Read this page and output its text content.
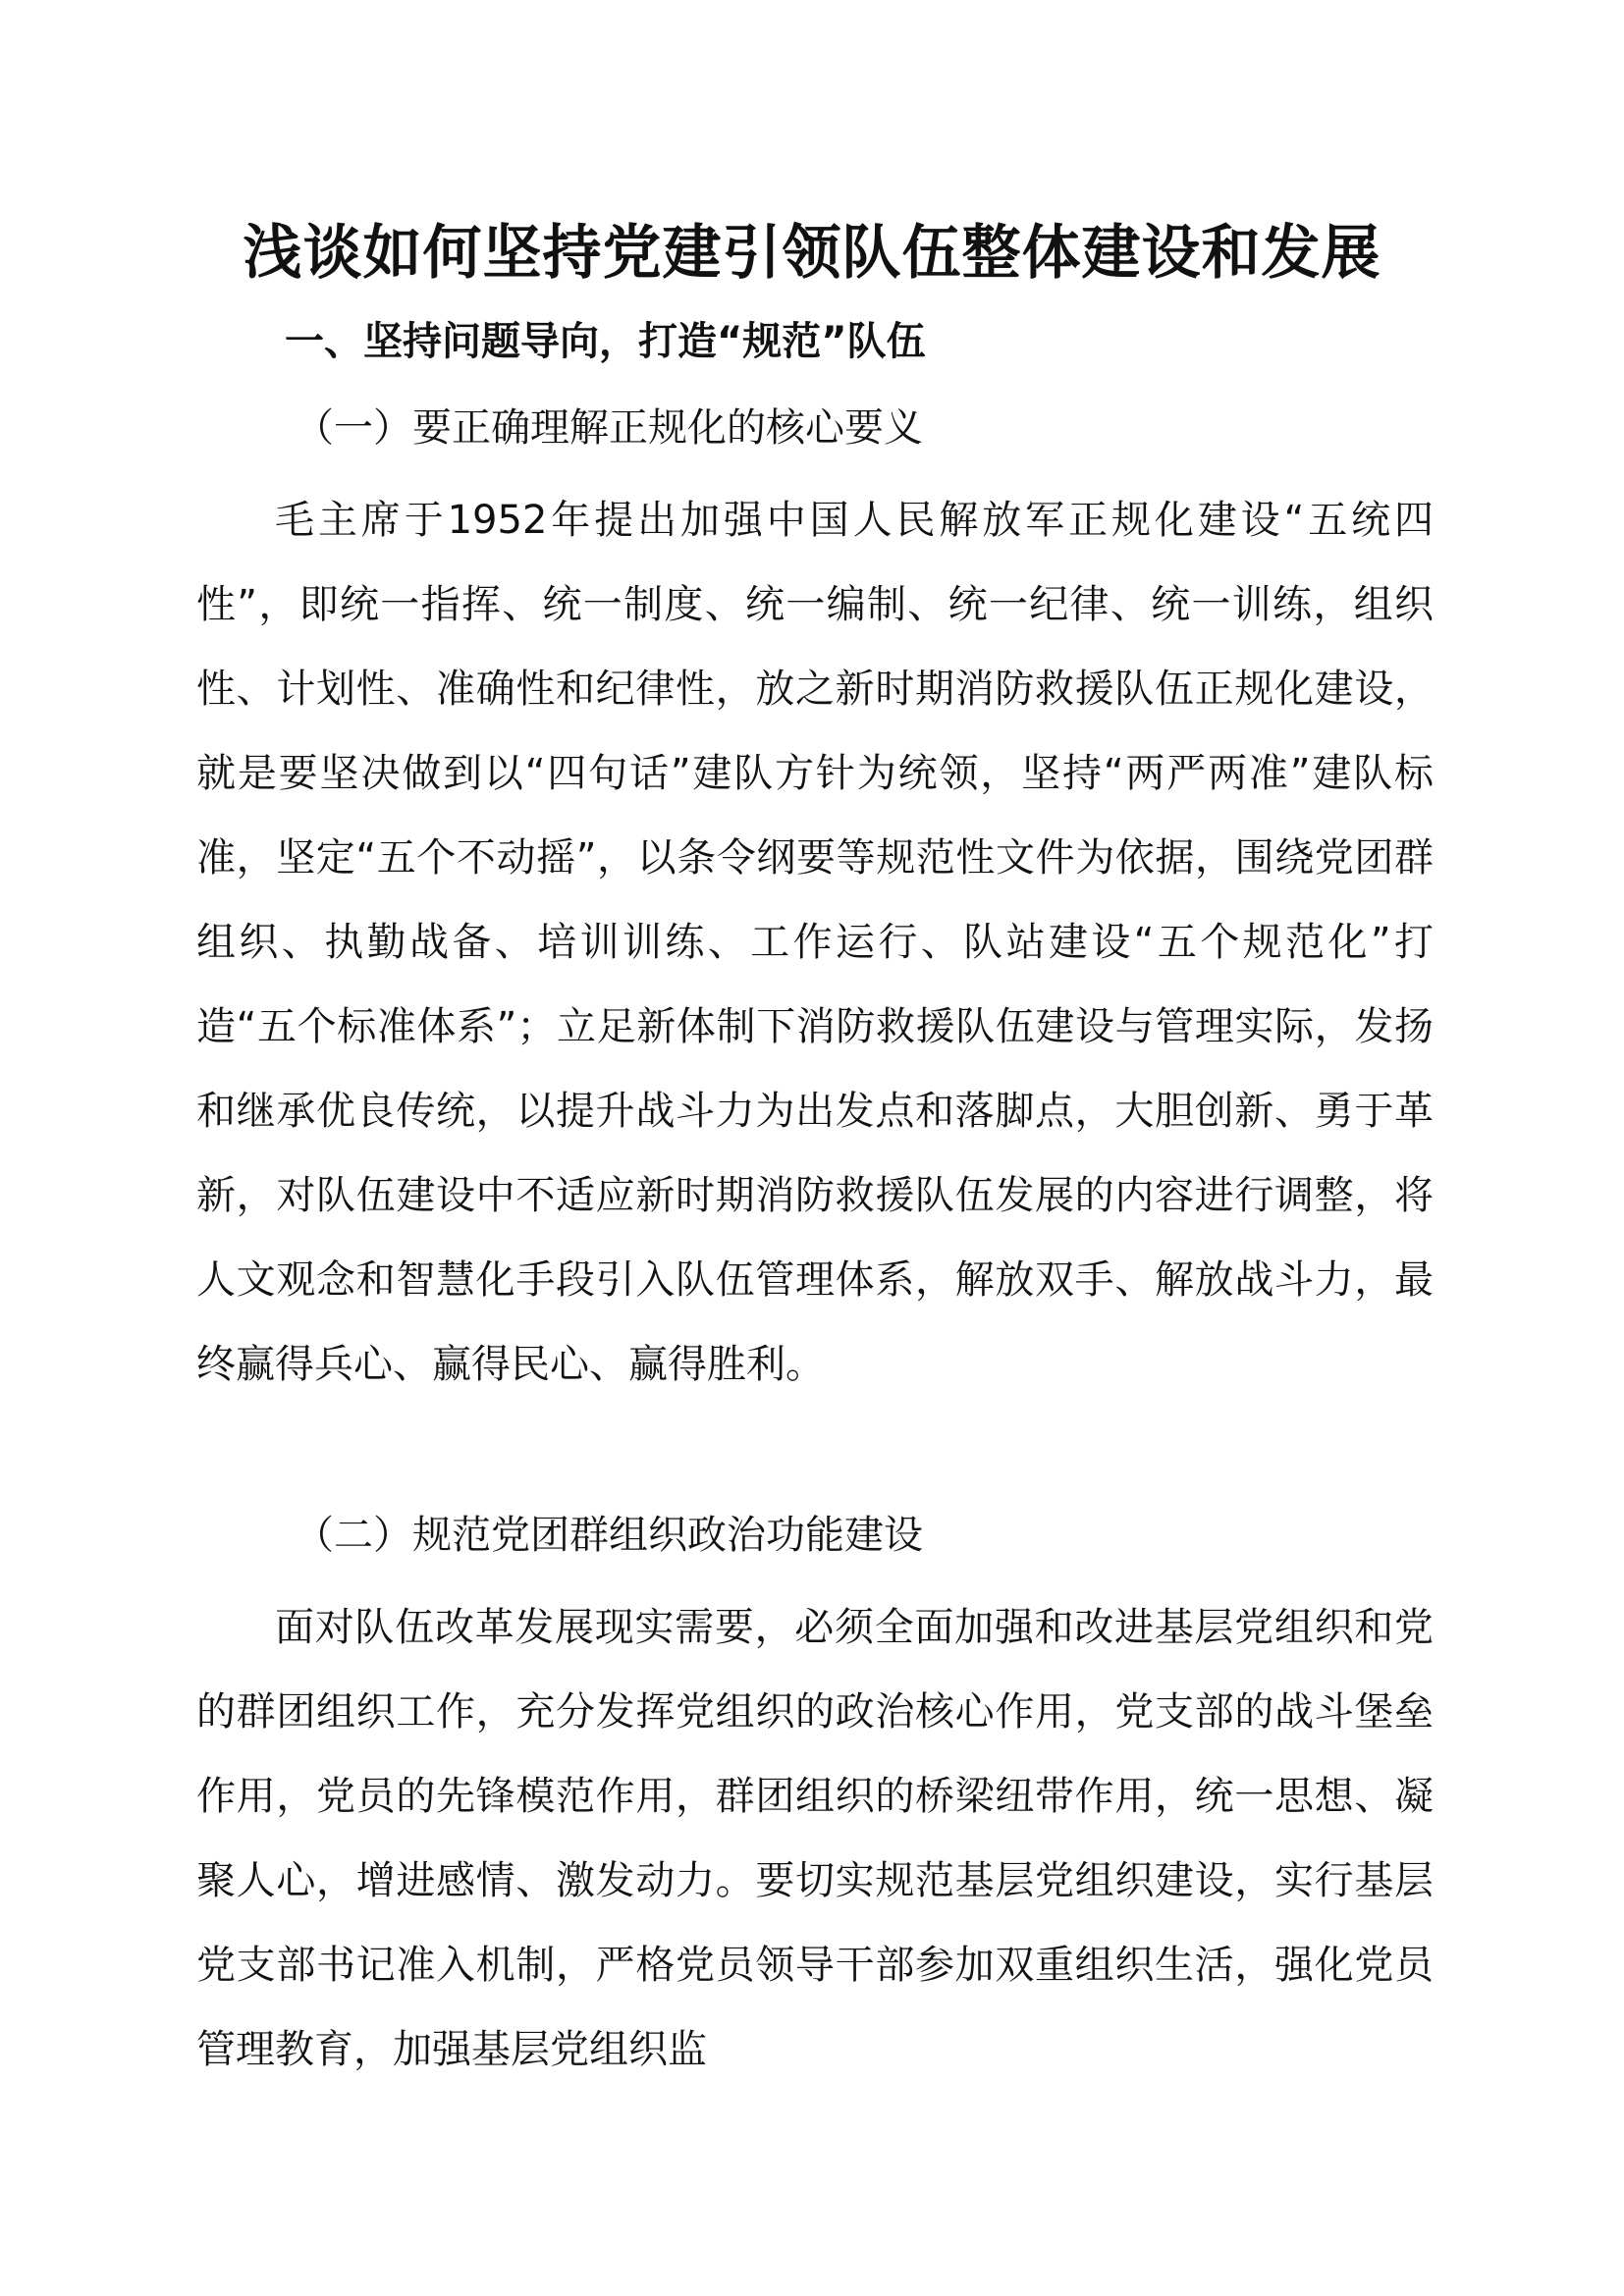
浅谈如何坚持党建引领队伍整体建设和发展
一、坚持问题导向，打造“规范”队伍
（一）要正确理解正规化的核心要义

毛主席于1952年提出加强中国人民解放军正规化建设“五统四性”，即统一指挥、统一制度、统一编制、统一纪律、统一训练，组织性、计划性、准确性和纪律性，放之新时期消防救援队伍正规化建设，就是要坚决做到以“四句话”建队方针为统领，坚持“两严两准”建队标准，坚定“五个不动摇”，以条令纲要等规范性文件为依据，围绕党团群组织、执勤战备、培训训练、工作运行、队站建设“五个规范化”打造“五个标准体系”；立足新体制下消防救援队伍建设与管理实际，发扬和继承优良传统，以提升战斗力为出发点和落脚点，大胆创新、勇于革新，对队伍建设中不适应新时期消防救援队伍发展的内容进行调整，将人文观念和智慧化手段引入队伍管理体系，解放双手、解放战斗力，最终赢得兵心、赢得民心、赢得胜利。

（二）规范党团群组织政治功能建设

面对队伍改革发展现实需要，必须全面加强和改进基层党组织和党的群团组织工作，充分发挥党组织的政治核心作用，党支部的战斗堡垒作用，党员的先锋模范作用，群团组织的桥梁纽带作用，统一思想、凝聚人心，增进感情、激发动力。要切实规范基层党组织建设，实行基层党支部书记准入机制，严格党员领导干部参加双重组织生活，强化党员管理教育，加强基层党组织监
